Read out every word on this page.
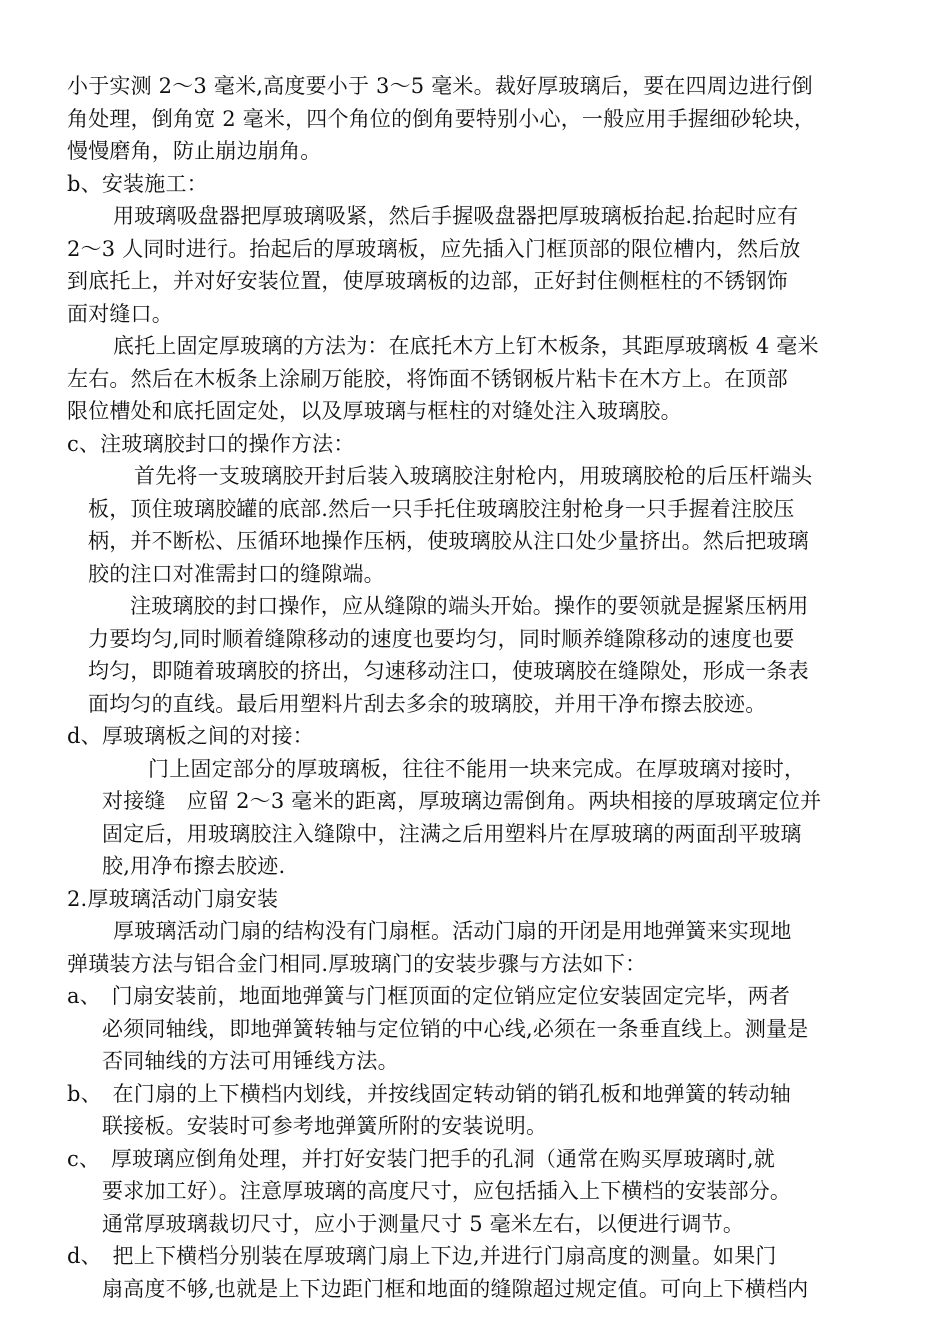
小于实测 2～3 毫米,高度要小于 3～5 毫米。裁好厚玻璃后，要在四周边进行倒
角处理，倒角宽 2 毫米，四个角位的倒角要特别小心，一般应用手握细砂轮块，
慢慢磨角，防止崩边崩角。
b、安装施工：
用玻璃吸盘器把厚玻璃吸紧，然后手握吸盘器把厚玻璃板抬起.抬起时应有
2～3 人同时进行。抬起后的厚玻璃板，应先插入门框顶部的限位槽内，然后放
到底托上，并对好安装位置，使厚玻璃板的边部，正好封住侧框柱的不锈钢饰
面对缝口。
底托上固定厚玻璃的方法为：在底托木方上钉木板条，其距厚玻璃板 4 毫米
左右。然后在木板条上涂刷万能胶，将饰面不锈钢板片粘卡在木方上。在顶部
限位槽处和底托固定处，以及厚玻璃与框柱的对缝处注入玻璃胶。
c、注玻璃胶封口的操作方法：
首先将一支玻璃胶开封后装入玻璃胶注射枪内，用玻璃胶枪的后压杆端头
板，顶住玻璃胶罐的底部.然后一只手托住玻璃胶注射枪身一只手握着注胶压
柄，并不断松、压循环地操作压柄，使玻璃胶从注口处少量挤出。然后把玻璃
胶的注口对准需封口的缝隙端。
注玻璃胶的封口操作，应从缝隙的端头开始。操作的要领就是握紧压柄用
力要均匀,同时顺着缝隙移动的速度也要均匀，同时顺养缝隙移动的速度也要
均匀，即随着玻璃胶的挤出，匀速移动注口，使玻璃胶在缝隙处，形成一条表
面均匀的直线。最后用塑料片刮去多余的玻璃胶，并用干净布擦去胶迹。
d、厚玻璃板之间的对接：
门上固定部分的厚玻璃板，往往不能用一块来完成。在厚玻璃对接时，
对接缝　应留 2～3 毫米的距离，厚玻璃边需倒角。两块相接的厚玻璃定位并
固定后，用玻璃胶注入缝隙中，注满之后用塑料片在厚玻璃的两面刮平玻璃
胶,用净布擦去胶迹.
2.厚玻璃活动门扇安装
厚玻璃活动门扇的结构没有门扇框。活动门扇的开闭是用地弹簧来实现地
弹璜装方法与铝合金门相同.厚玻璃门的安装步骤与方法如下：
a、　门扇安装前，地面地弹簧与门框顶面的定位销应定位安装固定完毕，两者
必须同轴线，即地弹簧转轴与定位销的中心线,必须在一条垂直线上。测量是
否同轴线的方法可用锤线方法。
b、　在门扇的上下横档内划线，并按线固定转动销的销孔板和地弹簧的转动轴
联接板。安装时可参考地弹簧所附的安装说明。
c、　厚玻璃应倒角处理，并打好安装门把手的孔洞（通常在购买厚玻璃时,就
要求加工好）。注意厚玻璃的高度尺寸，应包括插入上下横档的安装部分。
通常厚玻璃裁切尺寸，应小于测量尺寸 5 毫米左右，以便进行调节。
d、　把上下横档分别装在厚玻璃门扇上下边,并进行门扇高度的测量。如果门
扇高度不够,也就是上下边距门框和地面的缝隙超过规定值。可向上下横档内
